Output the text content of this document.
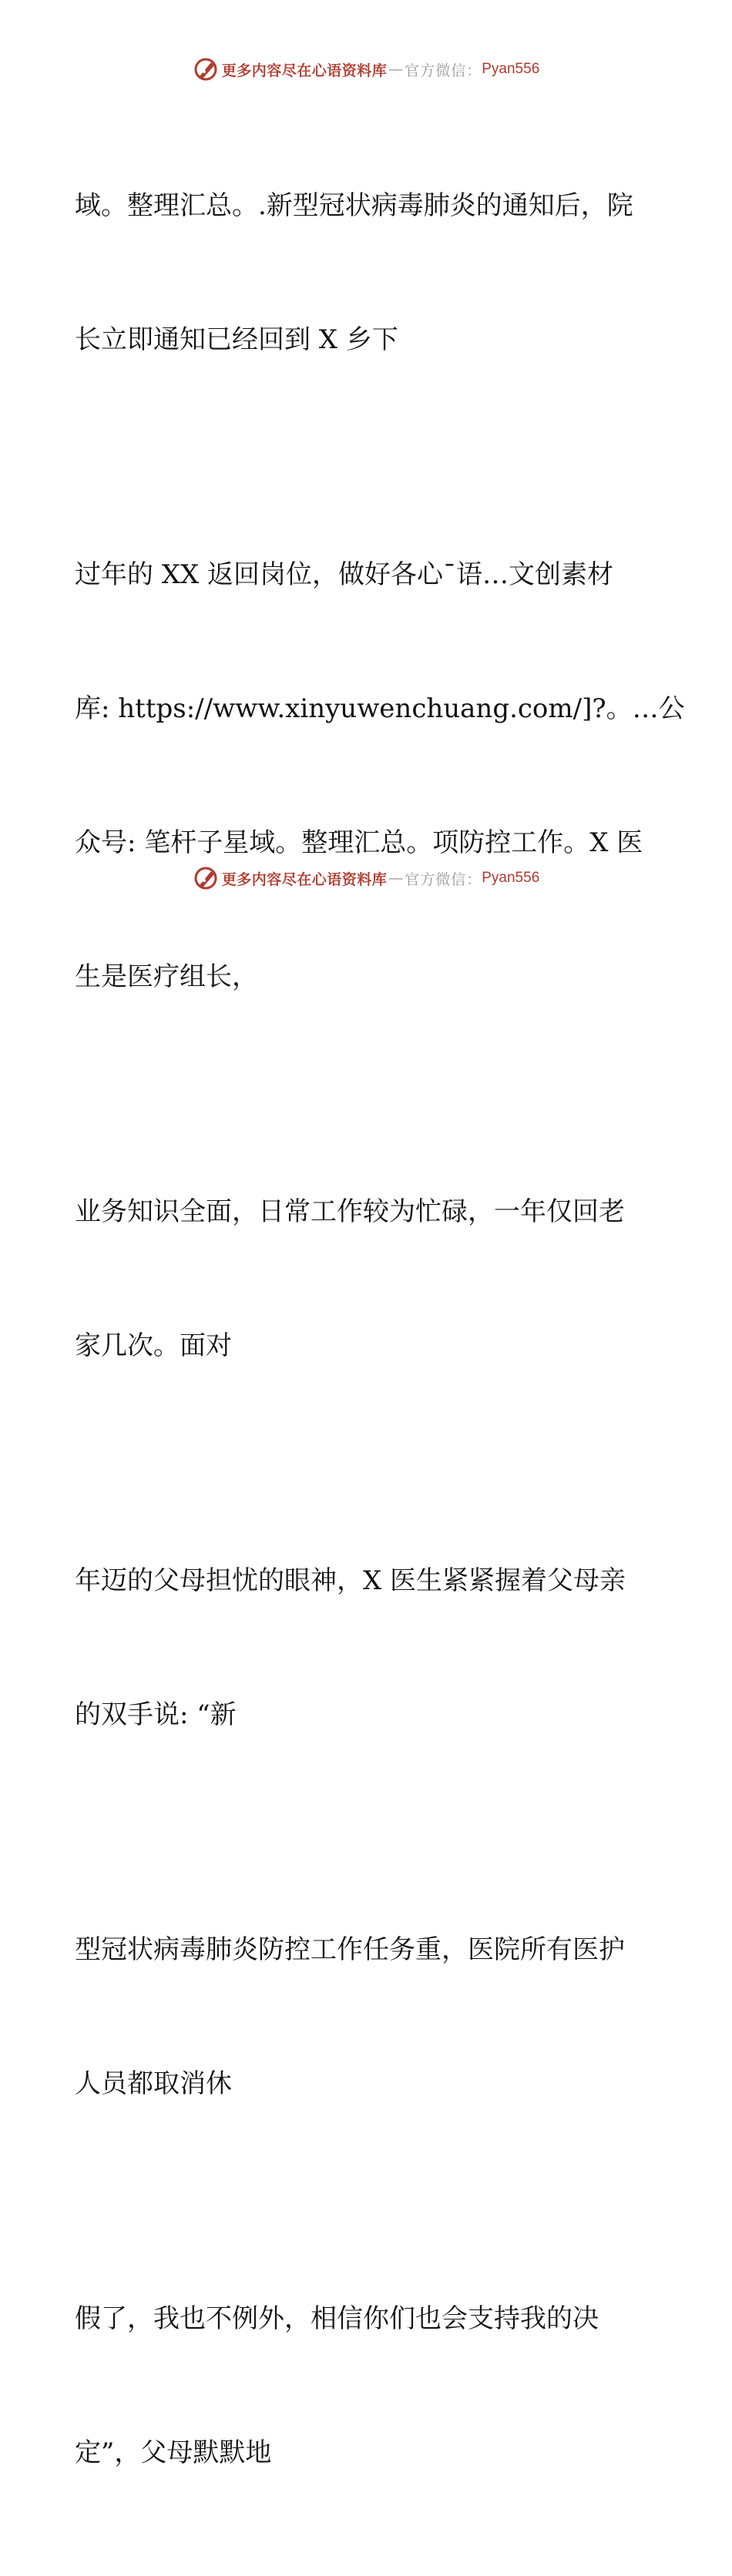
更多内容尽在心语资料库 — 官方微信： Pyan556

域。整理汇总。.新型冠状病毒肺炎的通知后，院

长立即通知已经回到 X 乡下

过年的 XX 返回岗位，做好各心¯语…文创素材

库: https://www.xinyuwenchuang.com/]?。…公

众号: 笔杆子星域。整理汇总。项防控工作。X 医

生是医疗组长，

业务知识全面，日常工作较为忙碌，一年仅回老

家几次。面对

年迈的父母担忧的眼神，X 医生紧紧握着父母亲

的双手说: “新

型冠状病毒肺炎防控工作任务重，医院所有医护

人员都取消休

假了，我也不例外，相信你们也会支持我的决

定”，父母默默地

更多内容尽在心语资料库 — 官方微信： Pyan556
